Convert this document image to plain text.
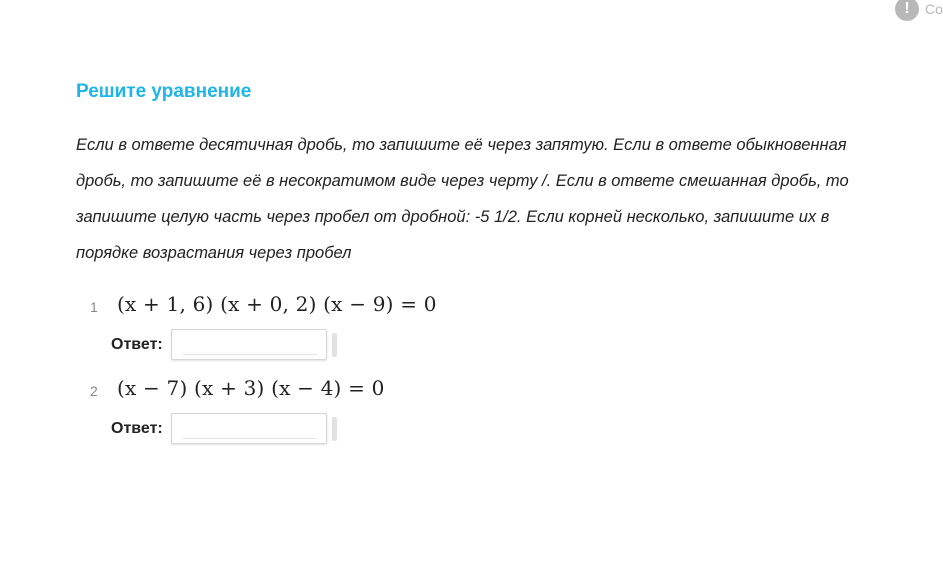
!	Co
Решите уравнение

Если в ответе десятичная дробь, то запишите её через запятую. Если в ответе обыкновенная дробь, то запишите её в несократимом виде через черту /. Если в ответе смешанная дробь, то запишите целую часть через пробел от дробной: -5 1/2. Если корней несколько, запишите их в порядке возрастания через пробел

1 (x + 1, 6) (x + 0, 2) (x − 9) = 0
Ответ:
2 (x − 7) (x + 3) (x − 4) = 0
Ответ:
